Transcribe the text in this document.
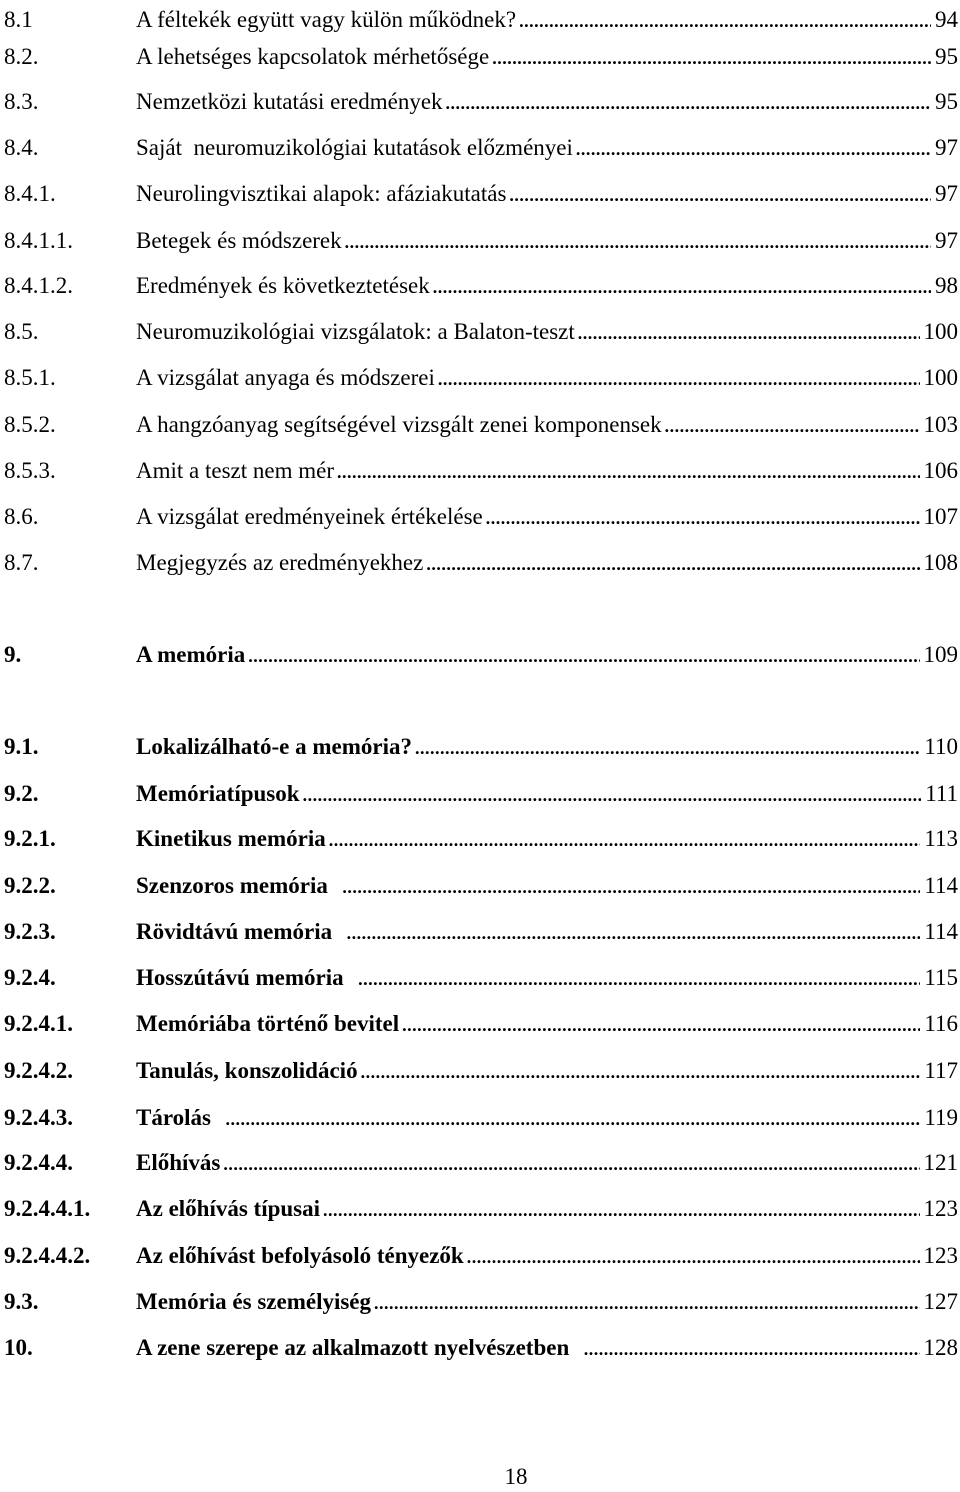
8.1	A féltekék együtt vagy külön működnek? .....	94
8.2.	A lehetséges kapcsolatok mérhetősége .....	95
8.3.	Nemzetközi kutatási eredmények .....	95
8.4.	Saját  neuromuzikológiai kutatások előzményei .....	97
8.4.1.	Neurolingvisztikai alapok: afáziakutatás .....	97
8.4.1.1.	Betegek és módszerek .....	97
8.4.1.2.	Eredmények és következtetések .....	98
8.5.	Neuromuzikológiai vizsgálatok: a Balaton-teszt .....	100
8.5.1.	A vizsgálat anyaga és módszerei .....	100
8.5.2.	A hangzóanyag segítségével vizsgált zenei komponensek .....	103
8.5.3.	Amit a teszt nem mér .....	106
8.6.	A vizsgálat eredményeinek értékelése .....	107
8.7.	Megjegyzés az eredményekhez .....	108
9.	A memória .....	109
9.1.	Lokalizálható-e a memória? .....	110
9.2.	Memóriatípusok .....	111
9.2.1.	Kinetikus memória .....	113
9.2.2.	Szenzoros memória .....	114
9.2.3.	Rövidtávú memória .....	114
9.2.4.	Hosszútávú memória .....	115
9.2.4.1.	Memóriába történő bevitel .....	116
9.2.4.2.	Tanulás, konszolidáció .....	117
9.2.4.3.	Tárolás .....	119
9.2.4.4.	Előhívás .....	121
9.2.4.4.1. Az előhívás típusai .....	123
9.2.4.4.2. Az előhívást befolyásoló tényezők .....	123
9.3.	Memória és személyiség .....	127
10.	A zene szerepe az alkalmazott nyelvészetben .....	128
18
